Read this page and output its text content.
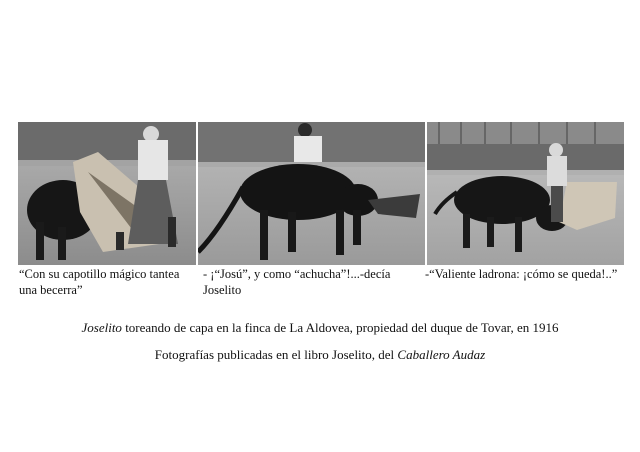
“Con su capotillo mágico tantea una becerra”
- ¡“Josú”, y como “achucha”!...-decía Joselito
-“Valiente ladrona: ¡cómo se queda!..”
Joselito toreando de capa en la finca de La Aldovea, propiedad del duque de Tovar, en 1916
Fotografías publicadas en el libro Joselito, del Caballero Audaz
